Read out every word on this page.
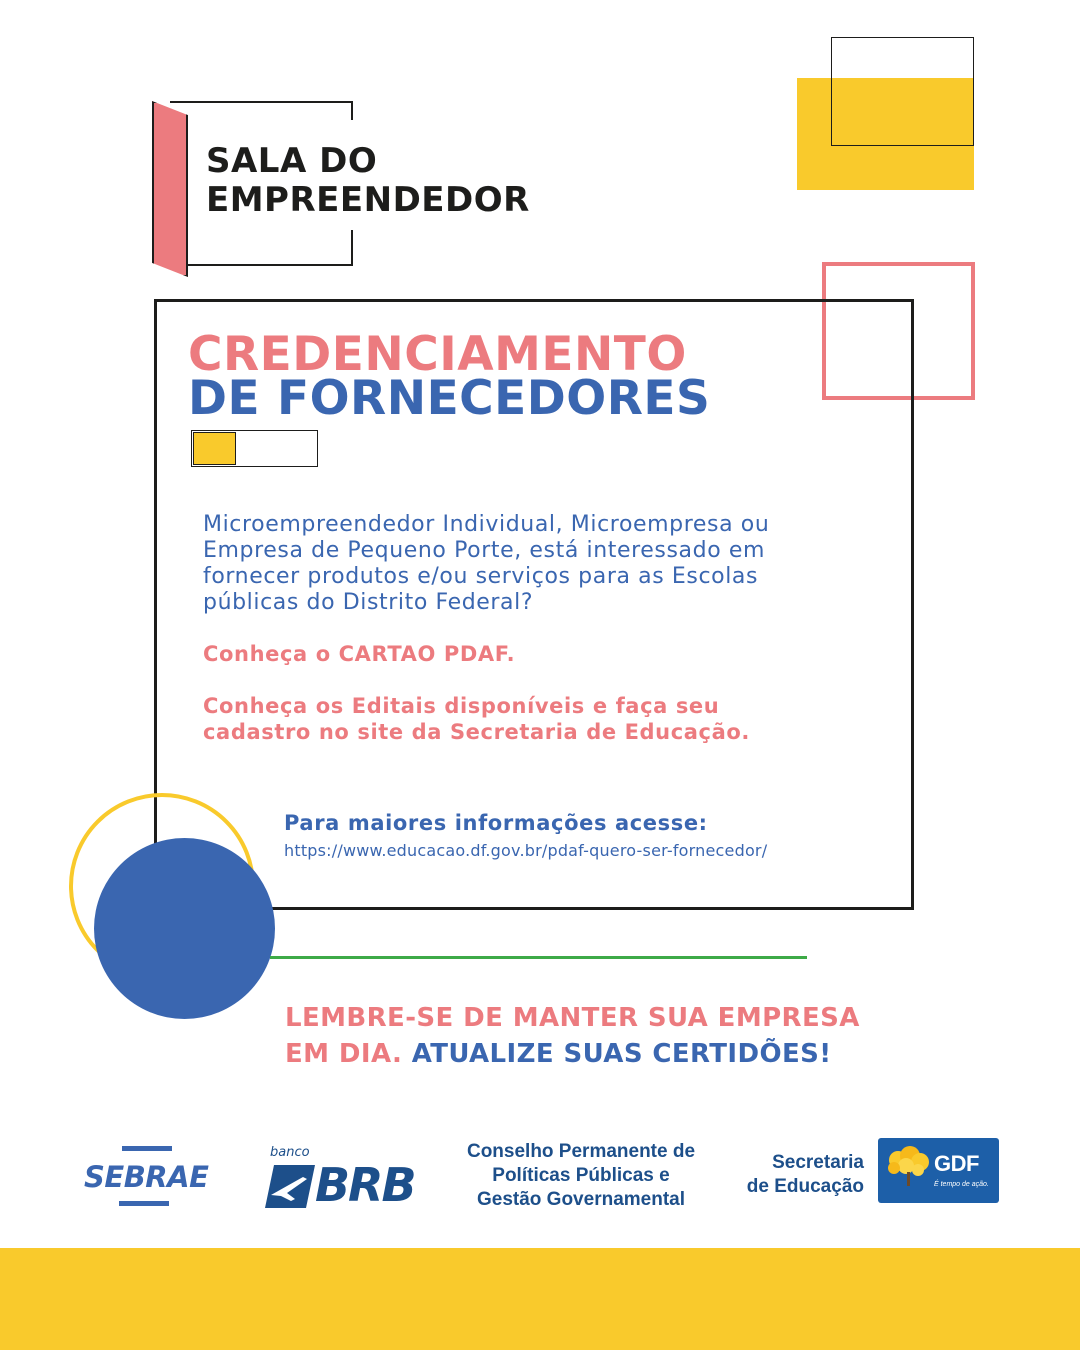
SALA DO
EMPREENDEDOR
CREDENCIAMENTO
DE FORNECEDORES
Microempreendedor Individual, Microempresa ou
Empresa de Pequeno Porte, está interessado em
fornecer produtos e/ou serviços para as Escolas
públicas do Distrito Federal?
Conheça o CARTAO PDAF.
Conheça os Editais disponíveis e faça seu
cadastro no site da Secretaria de Educação.
Para maiores informações acesse:
https://www.educacao.df.gov.br/pdaf-quero-ser-fornecedor/
LEMBRE-SE DE MANTER SUA EMPRESA
EM DIA. ATUALIZE SUAS CERTIDÕES!
SEBRAE
banco
BRB
Conselho Permanente de
Políticas Públicas e
Gestão Governamental
Secretaria
de Educação
GDF
É tempo de ação.
